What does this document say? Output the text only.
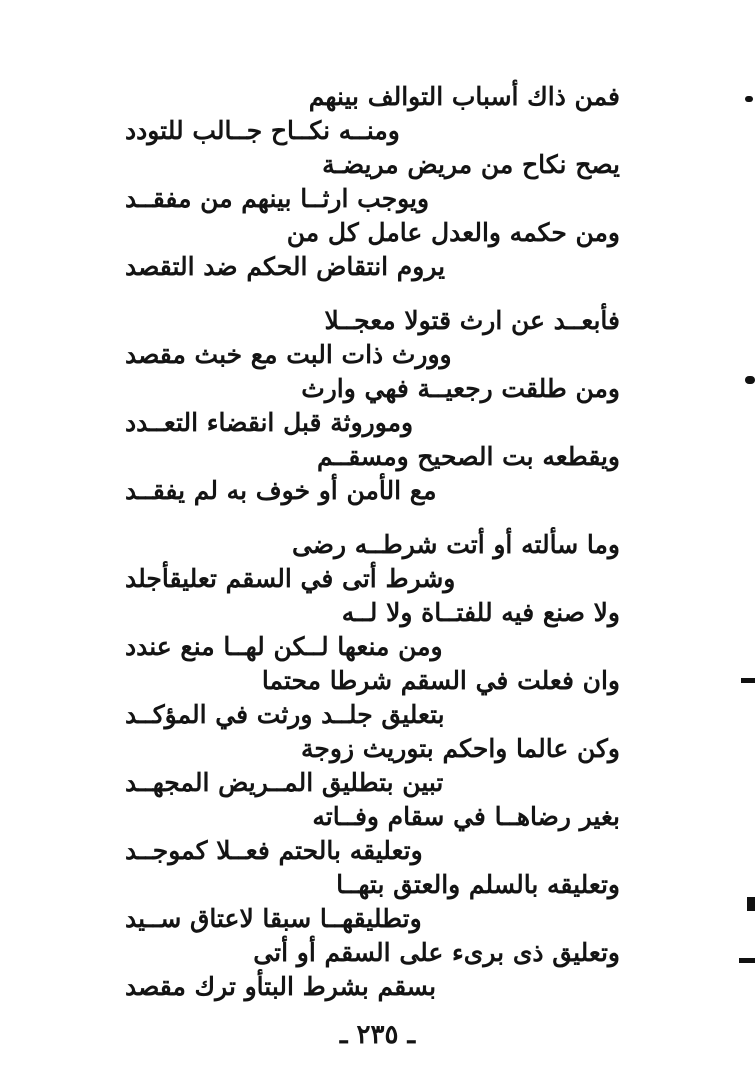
فمن ذاك أسباب التوالف بينهم
ومنــه نكــاح جــالب للتودد
يصح نكاح من مريض مريضـة
ويوجب ارثــا بينهم من مفقــد
ومن حكمه والعدل عامل كل من
يروم انتقاض الحكم ضد التقصد
فأبعــد عن ارث قتولا معجــلا
وورث ذات البت مع خبث مقصد
ومن طلقت رجعيــة فهي وارث
وموروثة قبل انقضاء التعــدد
ويقطعه بت الصحيح ومسقــم
مع الأمن أو خوف به لم يفقــد
وما سألته أو أتت شرطــه رضى
وشرط أتى في السقم تعليقأجلد
ولا صنع فيه للفتــاة ولا لــه
ومن منعها لــكن لهــا منع عندد
وان فعلت في السقم شرطا محتما
بتعليق جلــد ورثت في المؤكــد
وكن عالما واحكم بتوريث زوجة
تبين بتطليق المــريض المجهــد
بغير رضاهــا في سقام وفــاته
وتعليقه بالحتم فعــلا كموجــد
وتعليقه بالسلم والعتق بتهــا
وتطليقهــا سبقا لاعتاق ســيد
وتعليق ذى برىء على السقم أو أتى
بسقم بشرط البتأو ترك مقصد
ـ ٢٣٥ ـ
